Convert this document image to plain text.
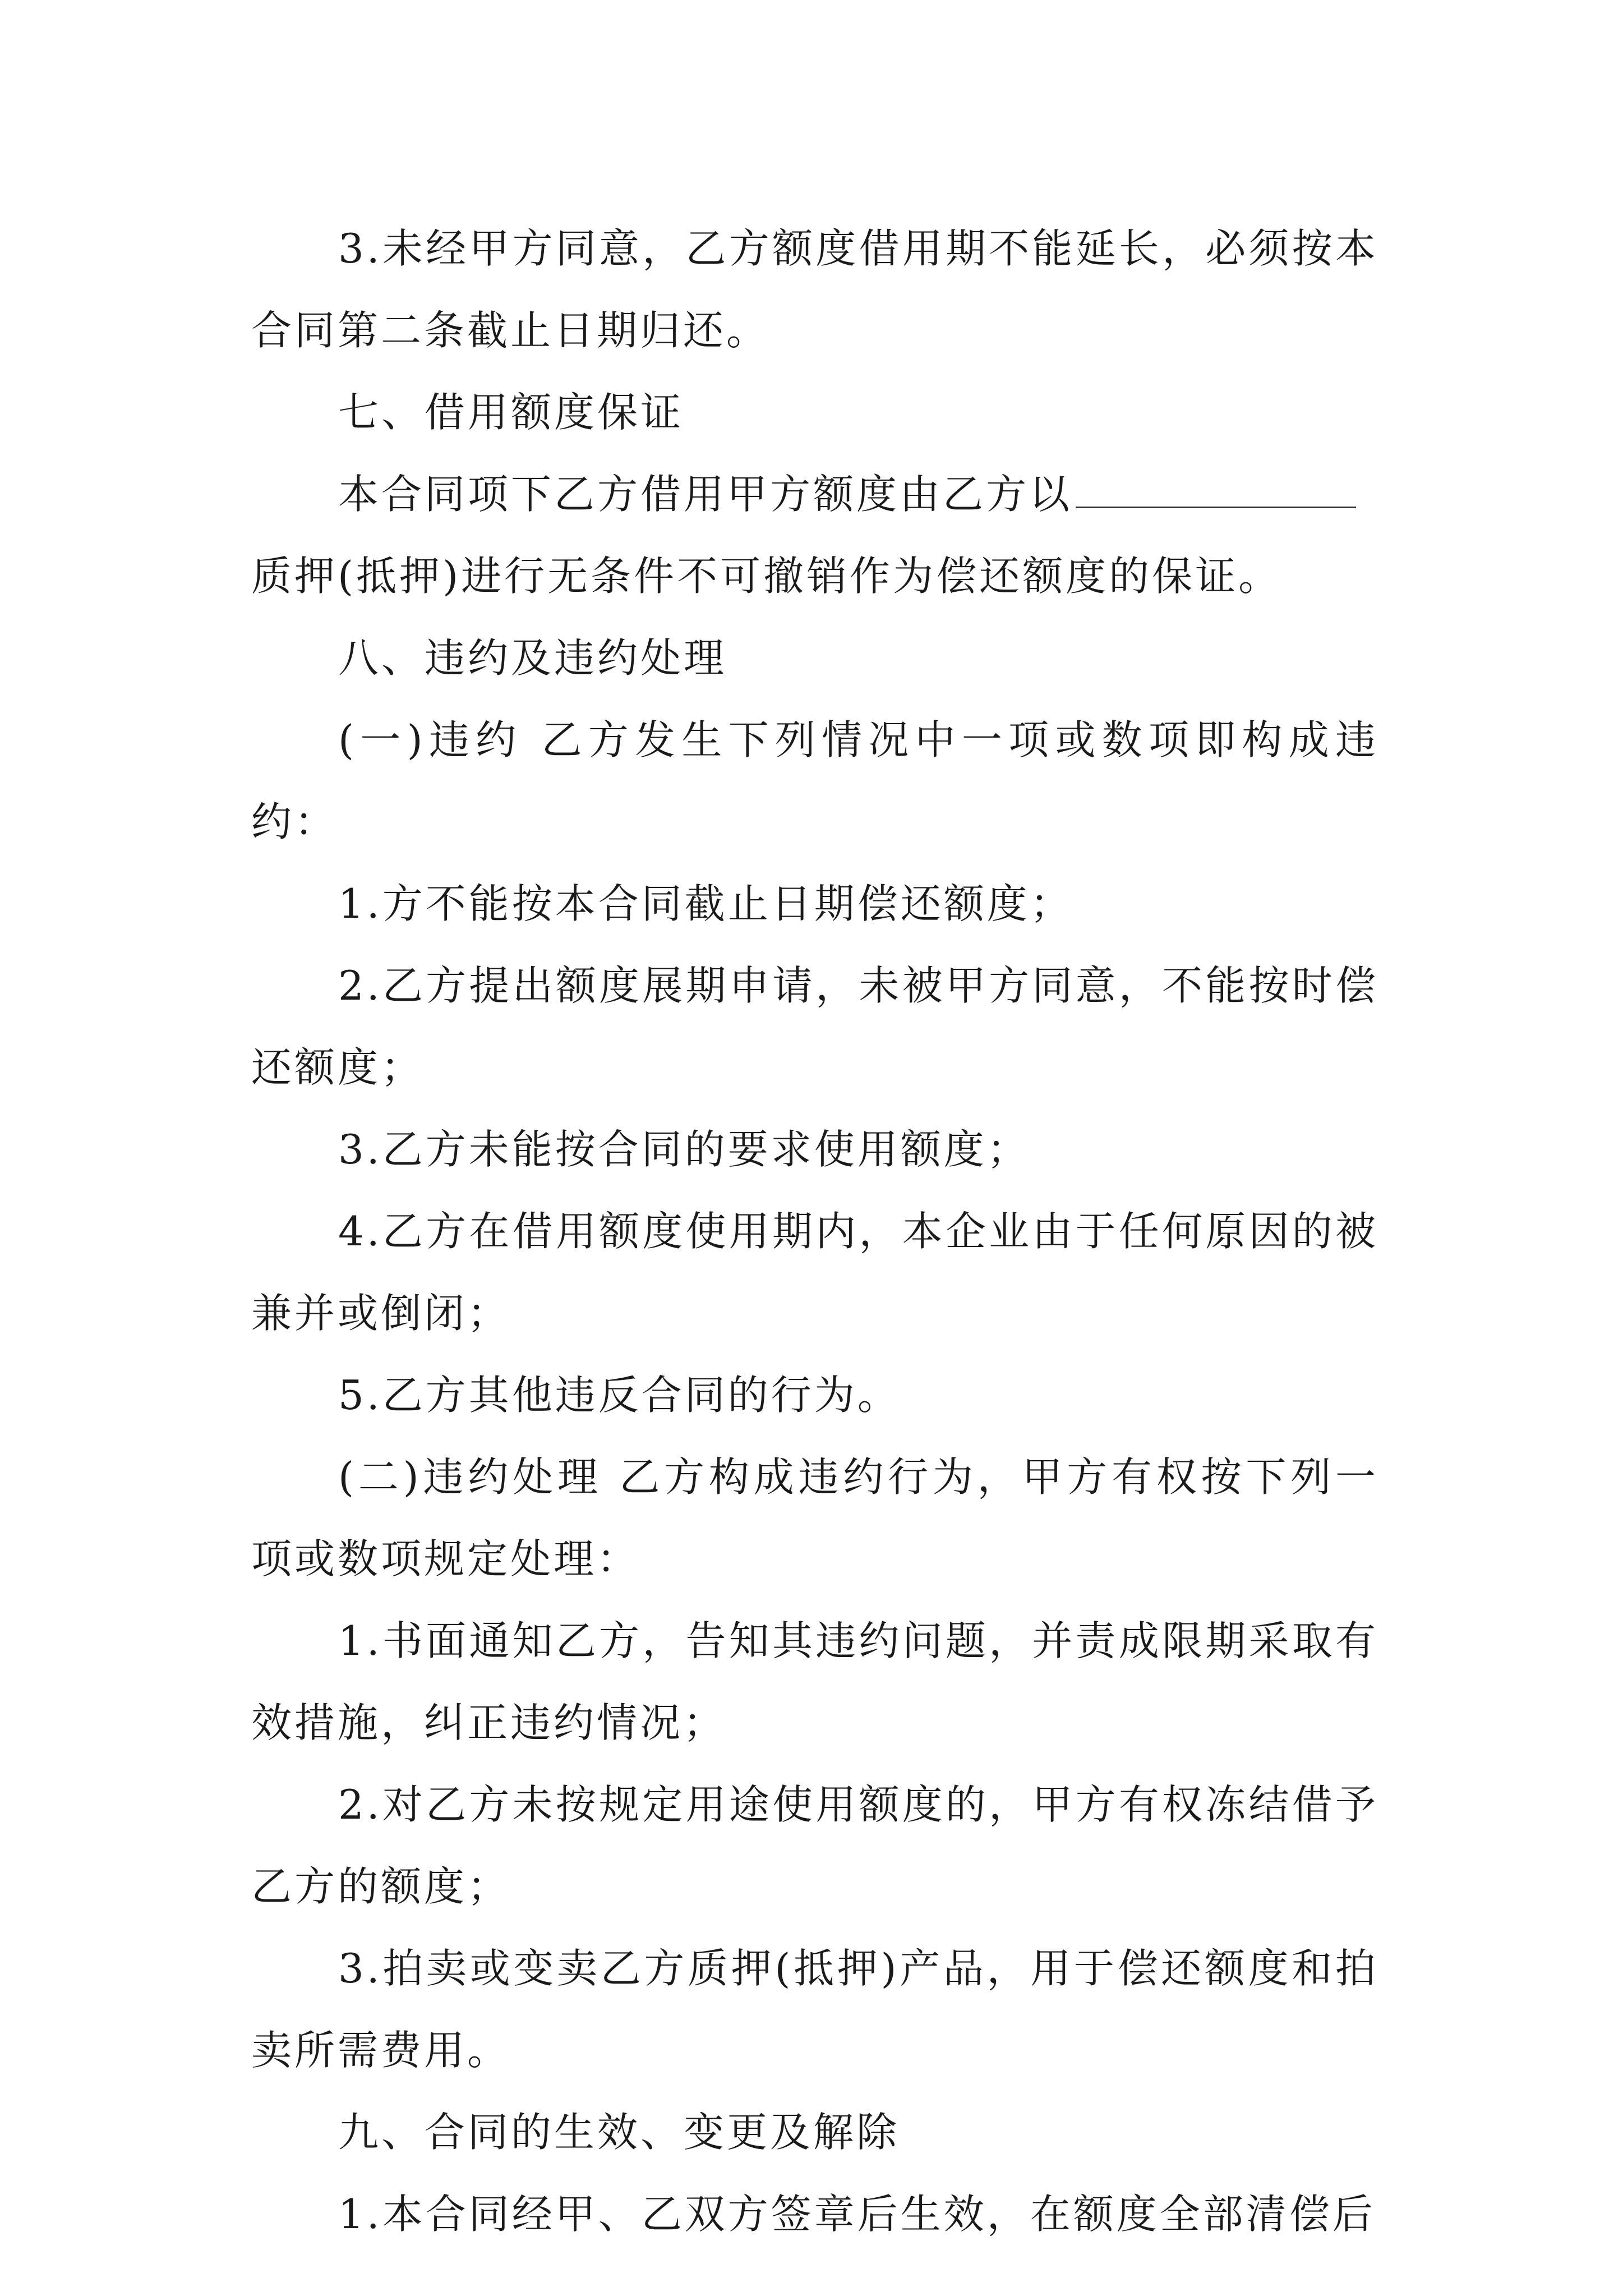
3.未经甲方同意，乙方额度借用期不能延长，必须按本合同第二条截止日期归还。

七、借用额度保证

本合同项下乙方借用甲方额度由乙方以
质押(抵押)进行无条件不可撤销作为偿还额度的保证。

八、违约及违约处理

(一)违约 乙方发生下列情况中一项或数项即构成违约：

1.方不能按本合同截止日期偿还额度；

2.乙方提出额度展期申请，未被甲方同意，不能按时偿还额度；

3.乙方未能按合同的要求使用额度；

4.乙方在借用额度使用期内，本企业由于任何原因的被兼并或倒闭；

5.乙方其他违反合同的行为。

(二)违约处理 乙方构成违约行为，甲方有权按下列一项或数项规定处理：

1.书面通知乙方，告知其违约问题，并责成限期采取有效措施，纠正违约情况；

2.对乙方未按规定用途使用额度的，甲方有权冻结借予乙方的额度；

3.拍卖或变卖乙方质押(抵押)产品，用于偿还额度和拍卖所需费用。

九、合同的生效、变更及解除

1.本合同经甲、乙双方签章后生效，在额度全部清偿后
